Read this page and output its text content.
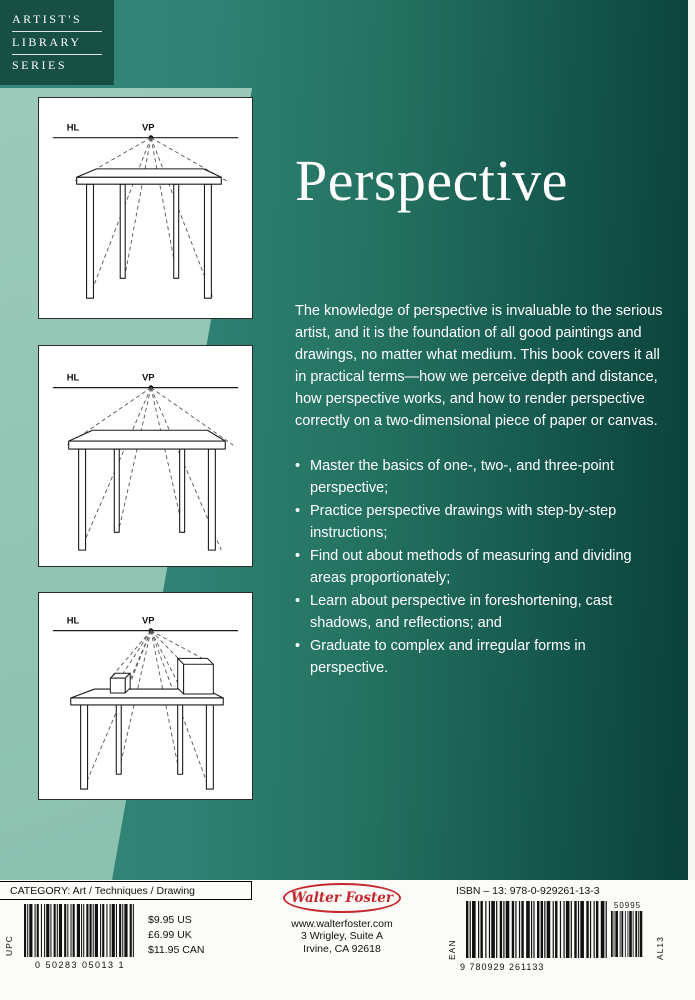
ARTIST'S
LIBRARY
SERIES
HL	VP
HL	VP
HL	VP
Perspective

The knowledge of perspective is invaluable to the serious artist, and it is the foundation of all good paintings and drawings, no matter what medium. This book covers it all in practical terms—how we perceive depth and distance, how perspective works, and how to render perspective correctly on a two-dimensional piece of paper or canvas.

• Master the basics of one-, two-, and three-point perspective;
• Practice perspective drawings with step-by-step instructions;
• Find out about methods of measuring and dividing areas proportionately;
• Learn about perspective in foreshortening, cast shadows, and reflections; and
• Graduate to complex and irregular forms in perspective.
CATEGORY: Art / Techniques / Drawing
UPC
0 50283 05013 1
$9.95 US
£6.99 UK
$11.95 CAN
Walter Foster
www.walterfoster.com
3 Wrigley, Suite A
Irvine, CA 92618
ISBN – 13: 978-0-929261-13-3
EAN
9 780929 261133
50995
AL13
